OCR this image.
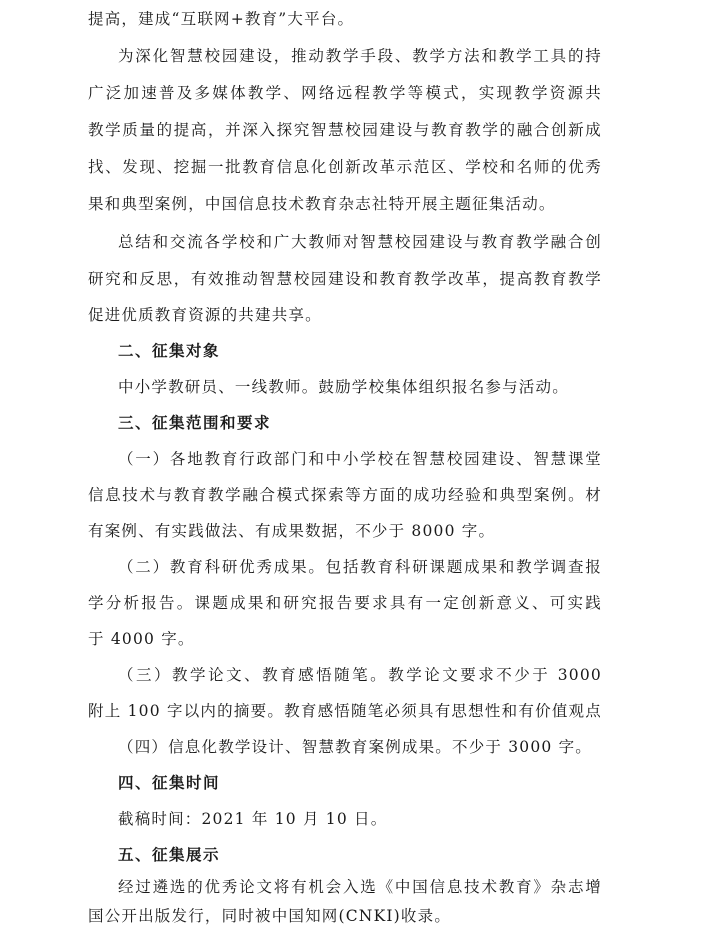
提高，建成“互联网+教育”大平台。
为深化智慧校园建设，推动教学手段、教学方法和教学工具的持
广泛加速普及多媒体教学、网络远程教学等模式，实现教学资源共
教学质量的提高，并深入探究智慧校园建设与教育教学的融合创新成
找、发现、挖掘一批教育信息化创新改革示范区、学校和名师的优秀
果和典型案例，中国信息技术教育杂志社特开展主题征集活动。
总结和交流各学校和广大教师对智慧校园建设与教育教学融合创
研究和反思，有效推动智慧校园建设和教育教学改革，提高教育教学
促进优质教育资源的共建共享。
二、征集对象
中小学教研员、一线教师。鼓励学校集体组织报名参与活动。
三、征集范围和要求
（一）各地教育行政部门和中小学校在智慧校园建设、智慧课堂
信息技术与教育教学融合模式探索等方面的成功经验和典型案例。材
有案例、有实践做法、有成果数据，不少于 8000 字。
（二）教育科研优秀成果。包括教育科研课题成果和教学调查报
学分析报告。课题成果和研究报告要求具有一定创新意义、可实践
于 4000 字。
（三）教学论文、教育感悟随笔。教学论文要求不少于 3000
附上 100 字以内的摘要。教育感悟随笔必须具有思想性和有价值观点
（四）信息化教学设计、智慧教育案例成果。不少于 3000 字。
四、征集时间
截稿时间：2021 年 10 月 10 日。
五、征集展示
经过遴选的优秀论文将有机会入选《中国信息技术教育》杂志增
国公开出版发行，同时被中国知网(CNKI)收录。
